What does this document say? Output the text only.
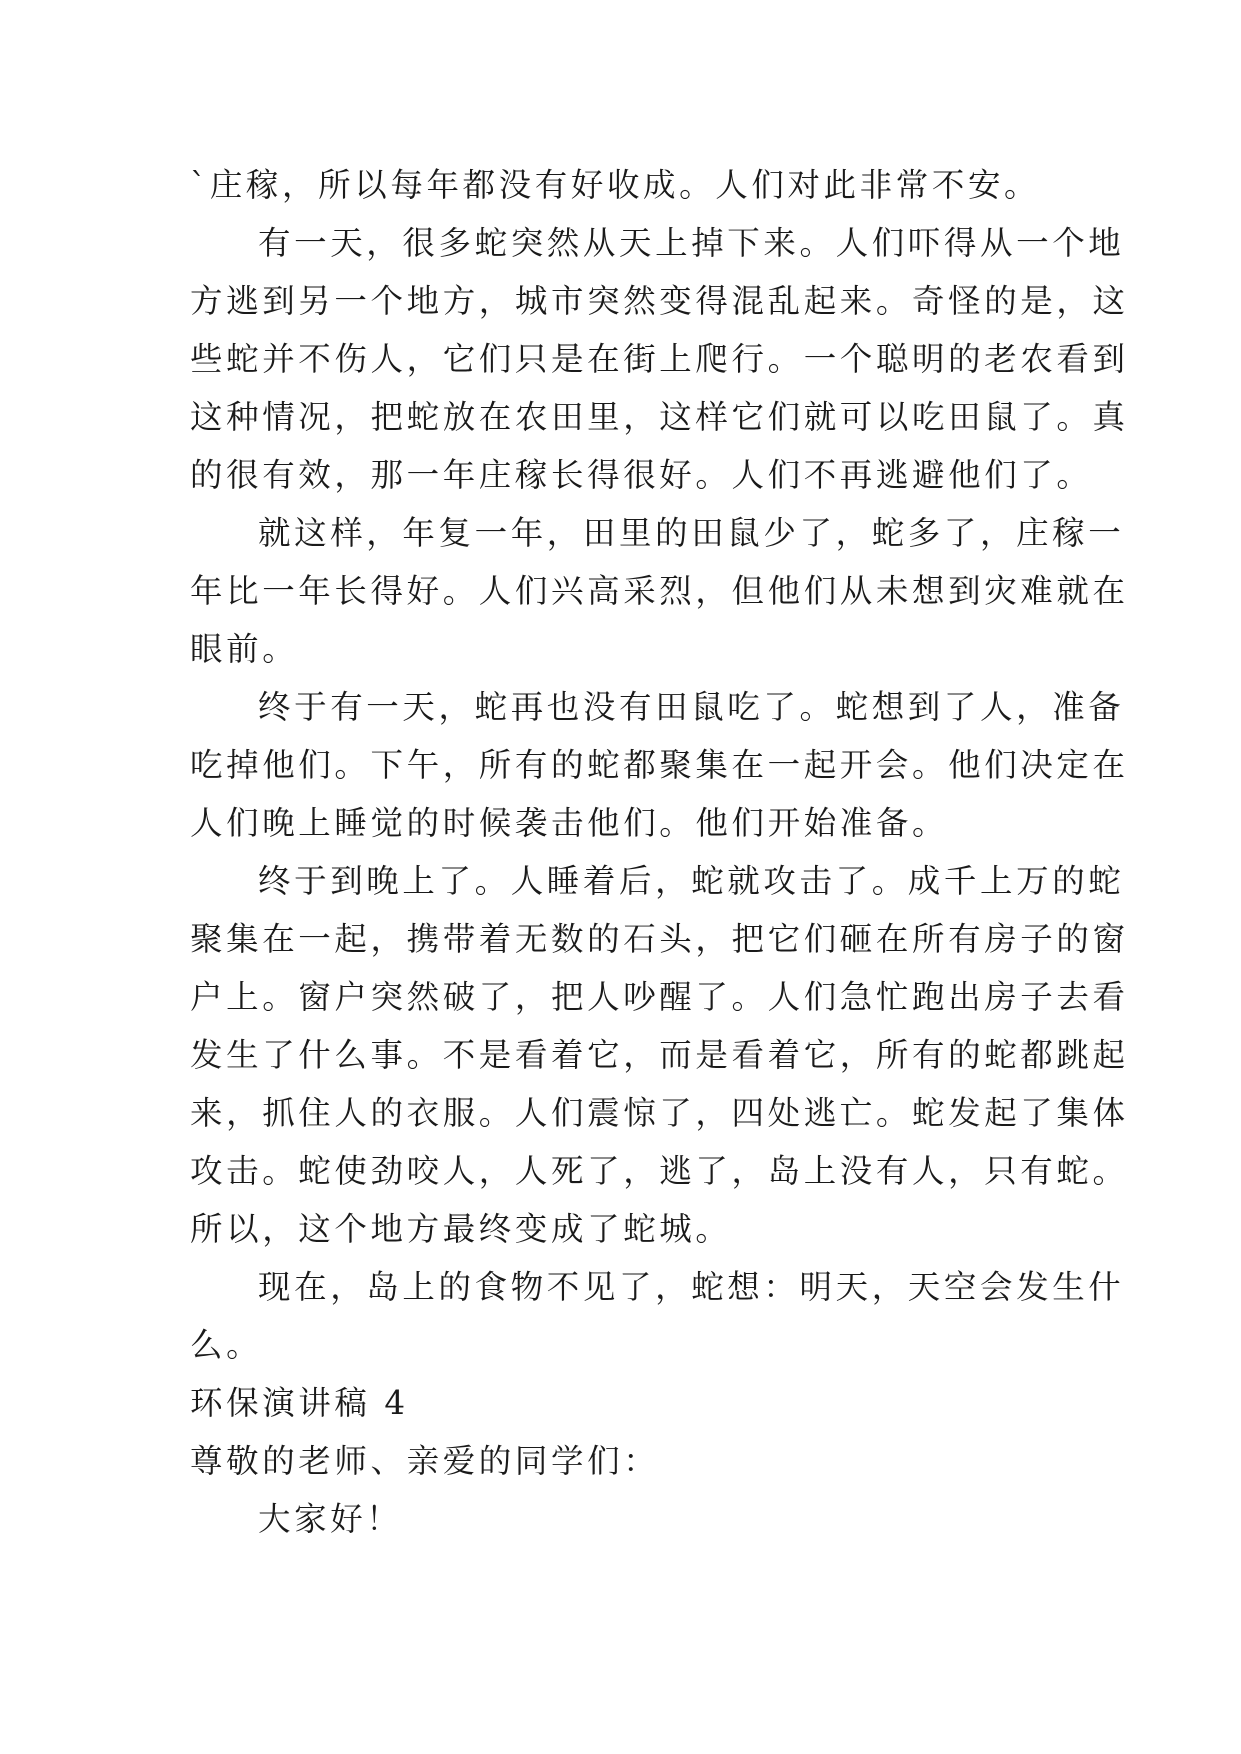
`庄稼，所以每年都没有好收成。人们对此非常不安。
有一天，很多蛇突然从天上掉下来。人们吓得从一个地
方逃到另一个地方，城市突然变得混乱起来。奇怪的是，这
些蛇并不伤人，它们只是在街上爬行。一个聪明的老农看到
这种情况，把蛇放在农田里，这样它们就可以吃田鼠了。真
的很有效，那一年庄稼长得很好。人们不再逃避他们了。
就这样，年复一年，田里的田鼠少了，蛇多了，庄稼一
年比一年长得好。人们兴高采烈，但他们从未想到灾难就在
眼前。
终于有一天，蛇再也没有田鼠吃了。蛇想到了人，准备
吃掉他们。下午，所有的蛇都聚集在一起开会。他们决定在
人们晚上睡觉的时候袭击他们。他们开始准备。
终于到晚上了。人睡着后，蛇就攻击了。成千上万的蛇
聚集在一起，携带着无数的石头，把它们砸在所有房子的窗
户上。窗户突然破了，把人吵醒了。人们急忙跑出房子去看
发生了什么事。不是看着它，而是看着它，所有的蛇都跳起
来，抓住人的衣服。人们震惊了，四处逃亡。蛇发起了集体
攻击。蛇使劲咬人，人死了，逃了，岛上没有人，只有蛇。
所以，这个地方最终变成了蛇城。
现在，岛上的食物不见了，蛇想：明天，天空会发生什
么。
环保演讲稿 4
尊敬的老师、亲爱的同学们：
大家好！
